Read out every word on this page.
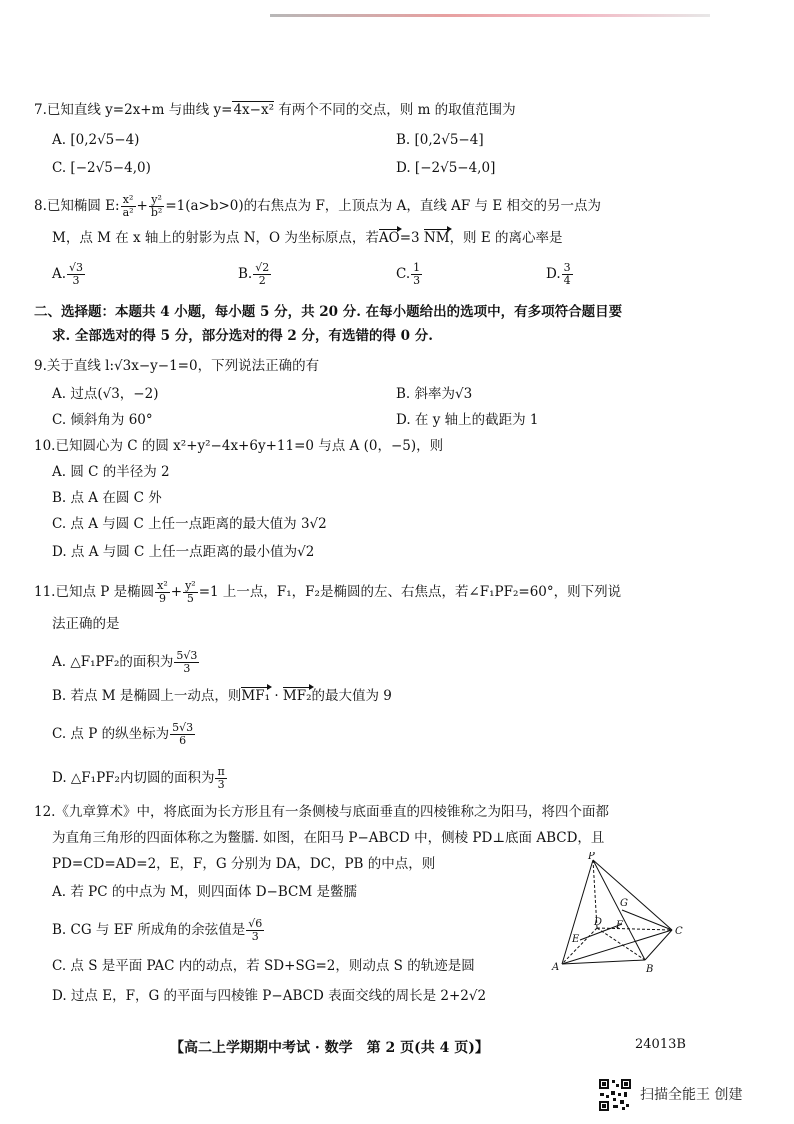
7.已知直线 y=2x+m 与曲线 y=4x−x² 有两个不同的交点，则 m 的取值范围为
A. [0,2√5−4)	B. [0,2√5−4]
C. [−2√5−4,0)	D. [−2√5−4,0]
8.已知椭圆 E: $\frac{\text{x²}}{\text{a²}} + \frac{\text{y²}}{\text{b²}} =1(a>b>0)$的右焦点为 F，上顶点为 A，直线 AF 与 E 相交的另一点为
M，点 M 在 x 轴上的射影为点 N，O 为坐标原点，若AO=3 NM，则 E 的离心率是
A. $\frac{√3}{3}$	B. $\frac{√2}{2}$	C. $\frac{1}{3}$	D. $\frac{3}{4}$
二、选择题：本题共 4 小题，每小题 5 分，共 20 分. 在每小题给出的选项中，有多项符合题目要
求. 全部选对的得 5 分，部分选对的得 2 分，有选错的得 0 分.
9.关于直线 l:√3x−y−1=0，下列说法正确的有
A. 过点(√3，−2)	B. 斜率为√3
C. 倾斜角为 60°	D. 在 y 轴上的截距为 1
10.已知圆心为 C 的圆 x²+y²−4x+6y+11=0 与点 A (0，−5)，则
A. 圆 C 的半径为 2
B. 点 A 在圆 C 外
C. 点 A 与圆 C 上任一点距离的最大值为 3√2
D. 点 A 与圆 C 上任一点距离的最小值为√2
11.已知点 P 是椭圆 $\frac{\text{x²}}{9} + \frac{\text{y²}}{5} =1$ 上一点，F₁，F₂是椭圆的左、右焦点，若∠F₁PF₂=60°，则下列说
法正确的是
A. △F₁PF₂的面积为 $\frac{5√3}{3}$
B. 若点 M 是椭圆上一动点，则MF₁ · MF₂的最大值为 9
C. 点 P 的纵坐标为 $\frac{5√3}{6}$
D. △F₁PF₂内切圆的面积为 $\frac{\pi}{3}$
12.《九章算术》中，将底面为长方形且有一条侧棱与底面垂直的四棱锥称之为阳马，将四个面都
为直角三角形的四面体称之为鳖臑. 如图，在阳马 P−ABCD 中，侧棱 PD⊥底面 ABCD，且
PD=CD=AD=2，E，F，G 分别为 DA，DC，PB 的中点，则
A. 若 PC 的中点为 M，则四面体 D−BCM 是鳖臑
B. CG 与 EF 所成角的余弦值是 $\frac{√6}{3}$
C. 点 S 是平面 PAC 内的动点，若 SD+SG=2，则动点 S 的轨迹是圆
D. 过点 E，F，G 的平面与四棱锥 P−ABCD 表面交线的周长是 2+2√2
P
G
D F
C
E
A	B
【高二上学期期中考试 · 数学　第 2 页(共 4 页)】	24013B
扫描全能王 创建
